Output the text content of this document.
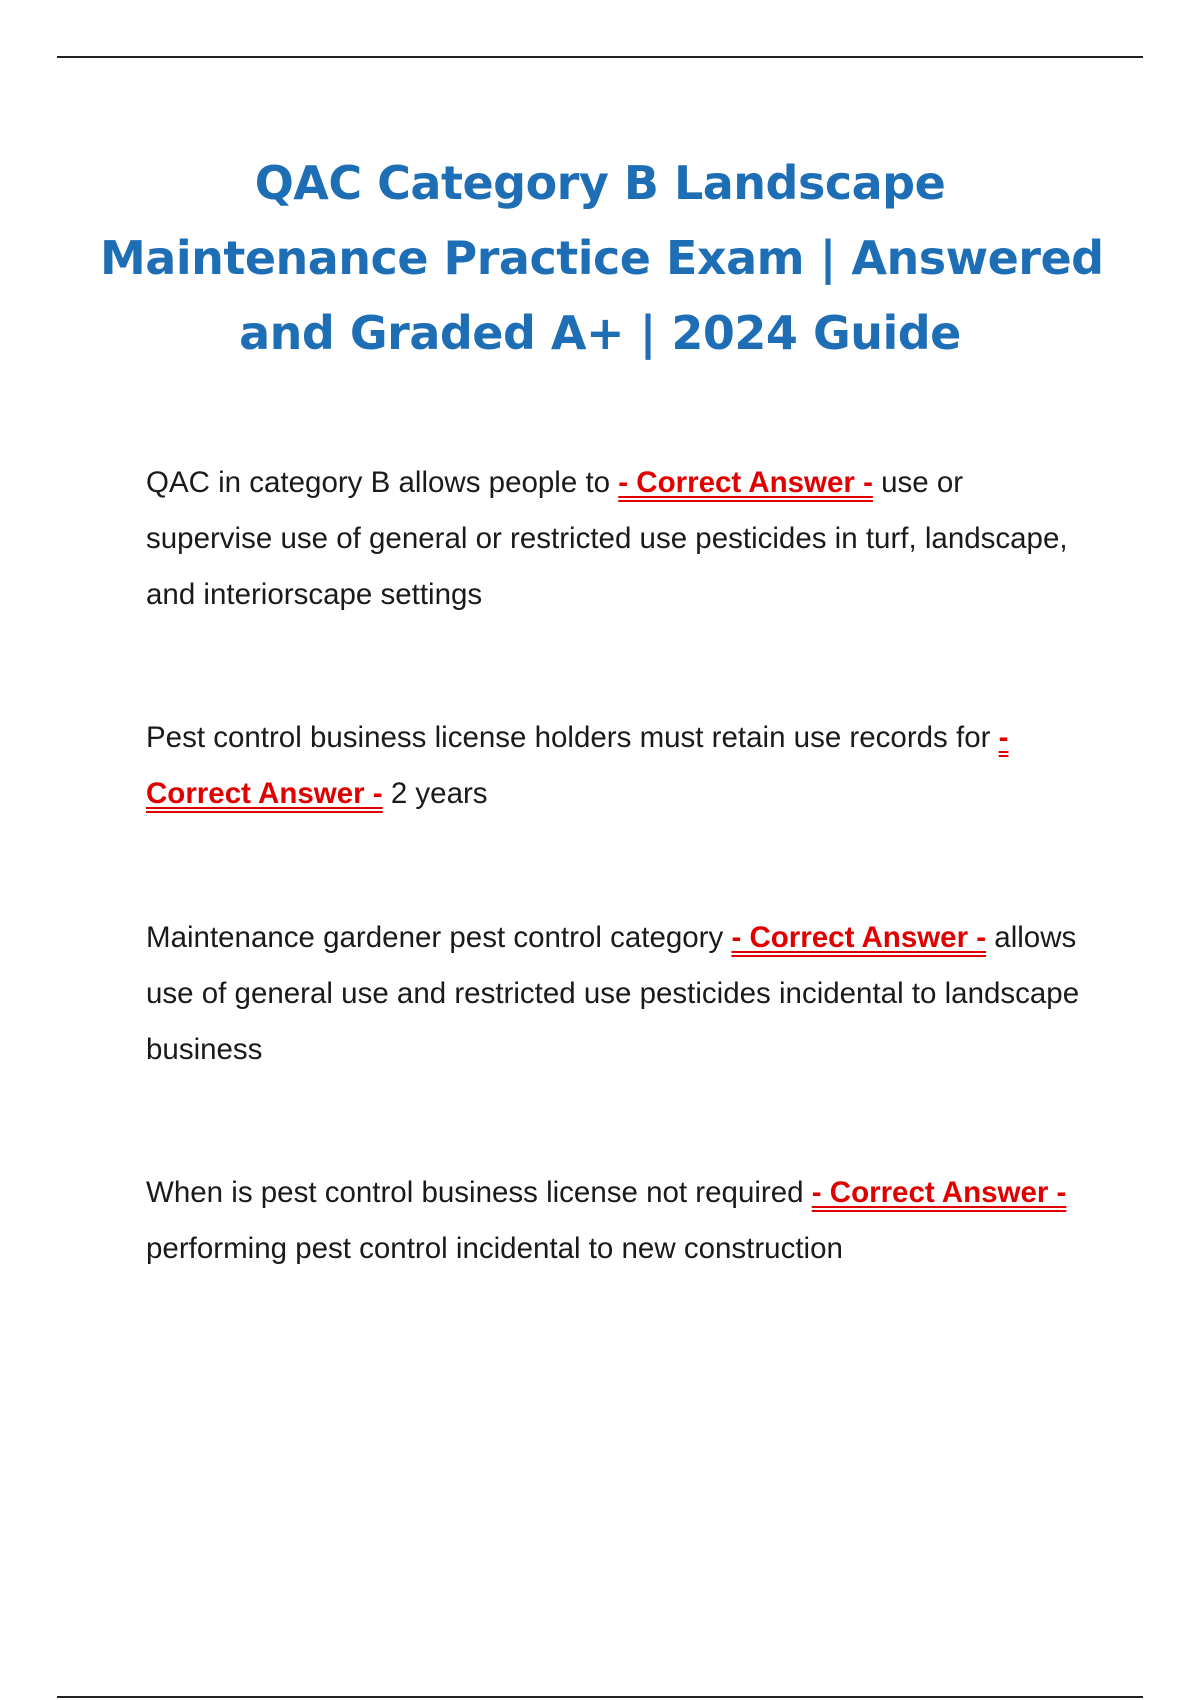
QAC Category B Landscape
Maintenance Practice Exam | Answered
and Graded A+ | 2024 Guide

QAC in category B allows people to - Correct Answer - use or supervise use of general or restricted use pesticides in turf, landscape, and interiorscape settings

Pest control business license holders must retain use records for - Correct Answer - 2 years

Maintenance gardener pest control category - Correct Answer - allows use of general use and restricted use pesticides incidental to landscape business

When is pest control business license not required - Correct Answer - performing pest control incidental to new construction
